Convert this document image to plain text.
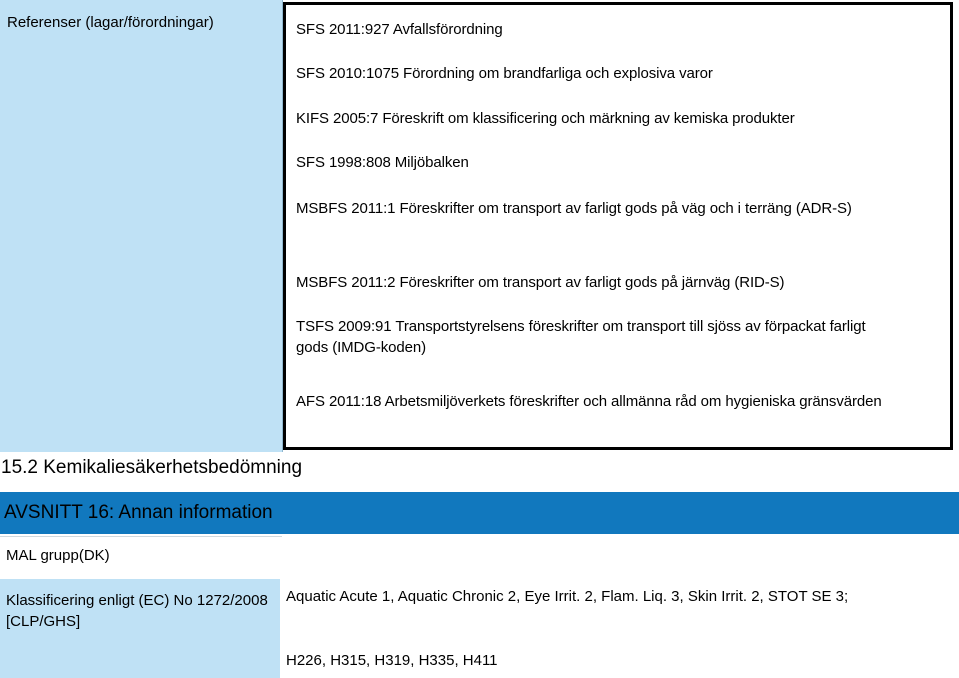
Referenser (lagar/förordningar)	SFS 2011:927 Avfallsförordning
SFS 2010:1075 Förordning om brandfarliga och explosiva varor
KIFS 2005:7 Föreskrift om klassificering och märkning av kemiska produkter
SFS 1998:808 Miljöbalken
MSBFS 2011:1 Föreskrifter om transport av farligt gods på väg och i terräng (ADR-S)
MSBFS 2011:2 Föreskrifter om transport av farligt gods på järnväg (RID-S)
TSFS 2009:91 Transportstyrelsens föreskrifter om transport till sjöss av förpackat farligt gods (IMDG-koden)
AFS 2011:18 Arbetsmiljöverkets föreskrifter och allmänna råd om hygieniska gränsvärden
15.2 Kemikaliesäkerhetsbedömning
AVSNITT 16: Annan information
MAL grupp(DK)
Klassificering enligt (EC) No 1272/2008 [CLP/GHS]
Aquatic Acute 1, Aquatic Chronic 2, Eye Irrit. 2, Flam. Liq. 3, Skin Irrit. 2, STOT SE 3;
H226, H315, H319, H335, H411
